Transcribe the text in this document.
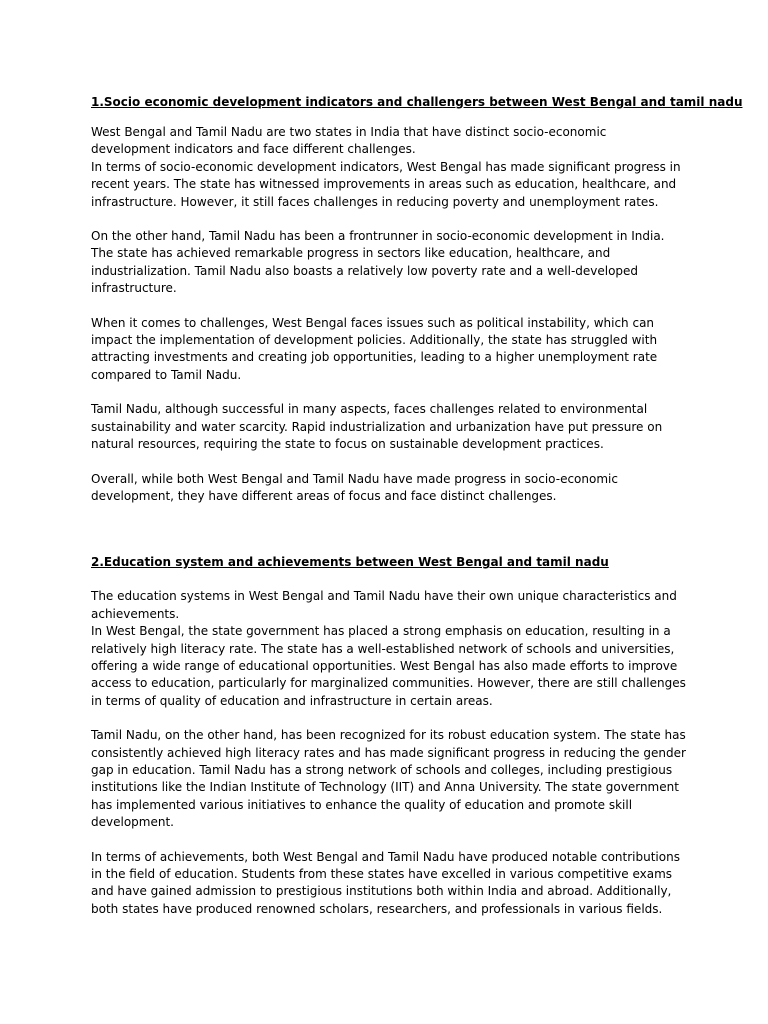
1.Socio economic development indicators and challengers between West Bengal and tamil nadu

West Bengal and Tamil Nadu are two states in India that have distinct socio-economic development indicators and face different challenges.

In terms of socio-economic development indicators, West Bengal has made significant progress in recent years. The state has witnessed improvements in areas such as education, healthcare, and infrastructure. However, it still faces challenges in reducing poverty and unemployment rates.

On the other hand, Tamil Nadu has been a frontrunner in socio-economic development in India. The state has achieved remarkable progress in sectors like education, healthcare, and industrialization. Tamil Nadu also boasts a relatively low poverty rate and a well-developed infrastructure.

When it comes to challenges, West Bengal faces issues such as political instability, which can impact the implementation of development policies. Additionally, the state has struggled with attracting investments and creating job opportunities, leading to a higher unemployment rate compared to Tamil Nadu.

Tamil Nadu, although successful in many aspects, faces challenges related to environmental sustainability and water scarcity. Rapid industrialization and urbanization have put pressure on natural resources, requiring the state to focus on sustainable development practices.

Overall, while both West Bengal and Tamil Nadu have made progress in socio-economic development, they have different areas of focus and face distinct challenges.

2.Education system and achievements between West Bengal and tamil nadu

The education systems in West Bengal and Tamil Nadu have their own unique characteristics and achievements.

In West Bengal, the state government has placed a strong emphasis on education, resulting in a relatively high literacy rate. The state has a well-established network of schools and universities, offering a wide range of educational opportunities. West Bengal has also made efforts to improve access to education, particularly for marginalized communities. However, there are still challenges in terms of quality of education and infrastructure in certain areas.

Tamil Nadu, on the other hand, has been recognized for its robust education system. The state has consistently achieved high literacy rates and has made significant progress in reducing the gender gap in education. Tamil Nadu has a strong network of schools and colleges, including prestigious institutions like the Indian Institute of Technology (IIT) and Anna University. The state government has implemented various initiatives to enhance the quality of education and promote skill development.

In terms of achievements, both West Bengal and Tamil Nadu have produced notable contributions in the field of education. Students from these states have excelled in various competitive exams and have gained admission to prestigious institutions both within India and abroad. Additionally, both states have produced renowned scholars, researchers, and professionals in various fields.
